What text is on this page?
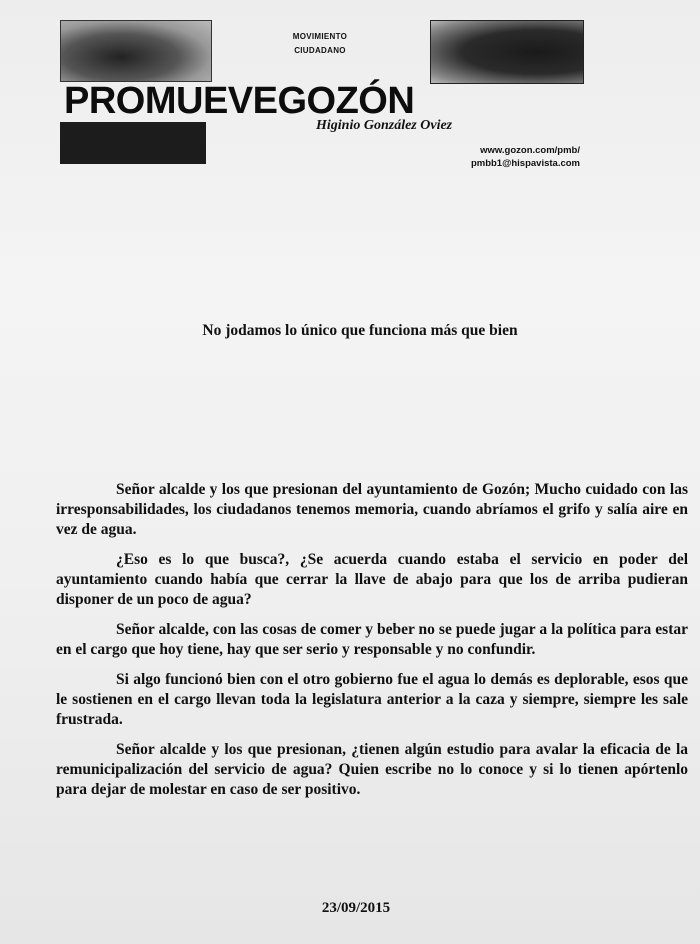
MOVIMIENTO
CIUDADANO
PROMUEVEGOZÓN
Higinio González Oviez
www.gozon.com/pmb/
pmbb1@hispavista.com
No jodamos lo único que funciona más que bien

Señor alcalde y los que presionan del ayuntamiento de Gozón; Mucho cuidado con las irresponsabilidades, los ciudadanos tenemos memoria, cuando abríamos el grifo y salía aire en vez de agua.

¿Eso es lo que busca?, ¿Se acuerda cuando estaba el servicio en poder del ayuntamiento cuando había que cerrar la llave de abajo para que los de arriba pudieran disponer de un poco de agua?

Señor alcalde, con las cosas de comer y beber no se puede jugar a la política para estar en el cargo que hoy tiene, hay que ser serio y responsable y no confundir.

Si algo funcionó bien con el otro gobierno fue el agua lo demás es deplorable, esos que le sostienen en el cargo llevan toda la legislatura anterior a la caza y siempre, siempre les sale frustrada.

Señor alcalde y los que presionan, ¿tienen algún estudio para avalar la eficacia de la remunicipalización del servicio de agua? Quien escribe no lo conoce y si lo tienen apórtenlo para dejar de molestar en caso de ser positivo.

23/09/2015
